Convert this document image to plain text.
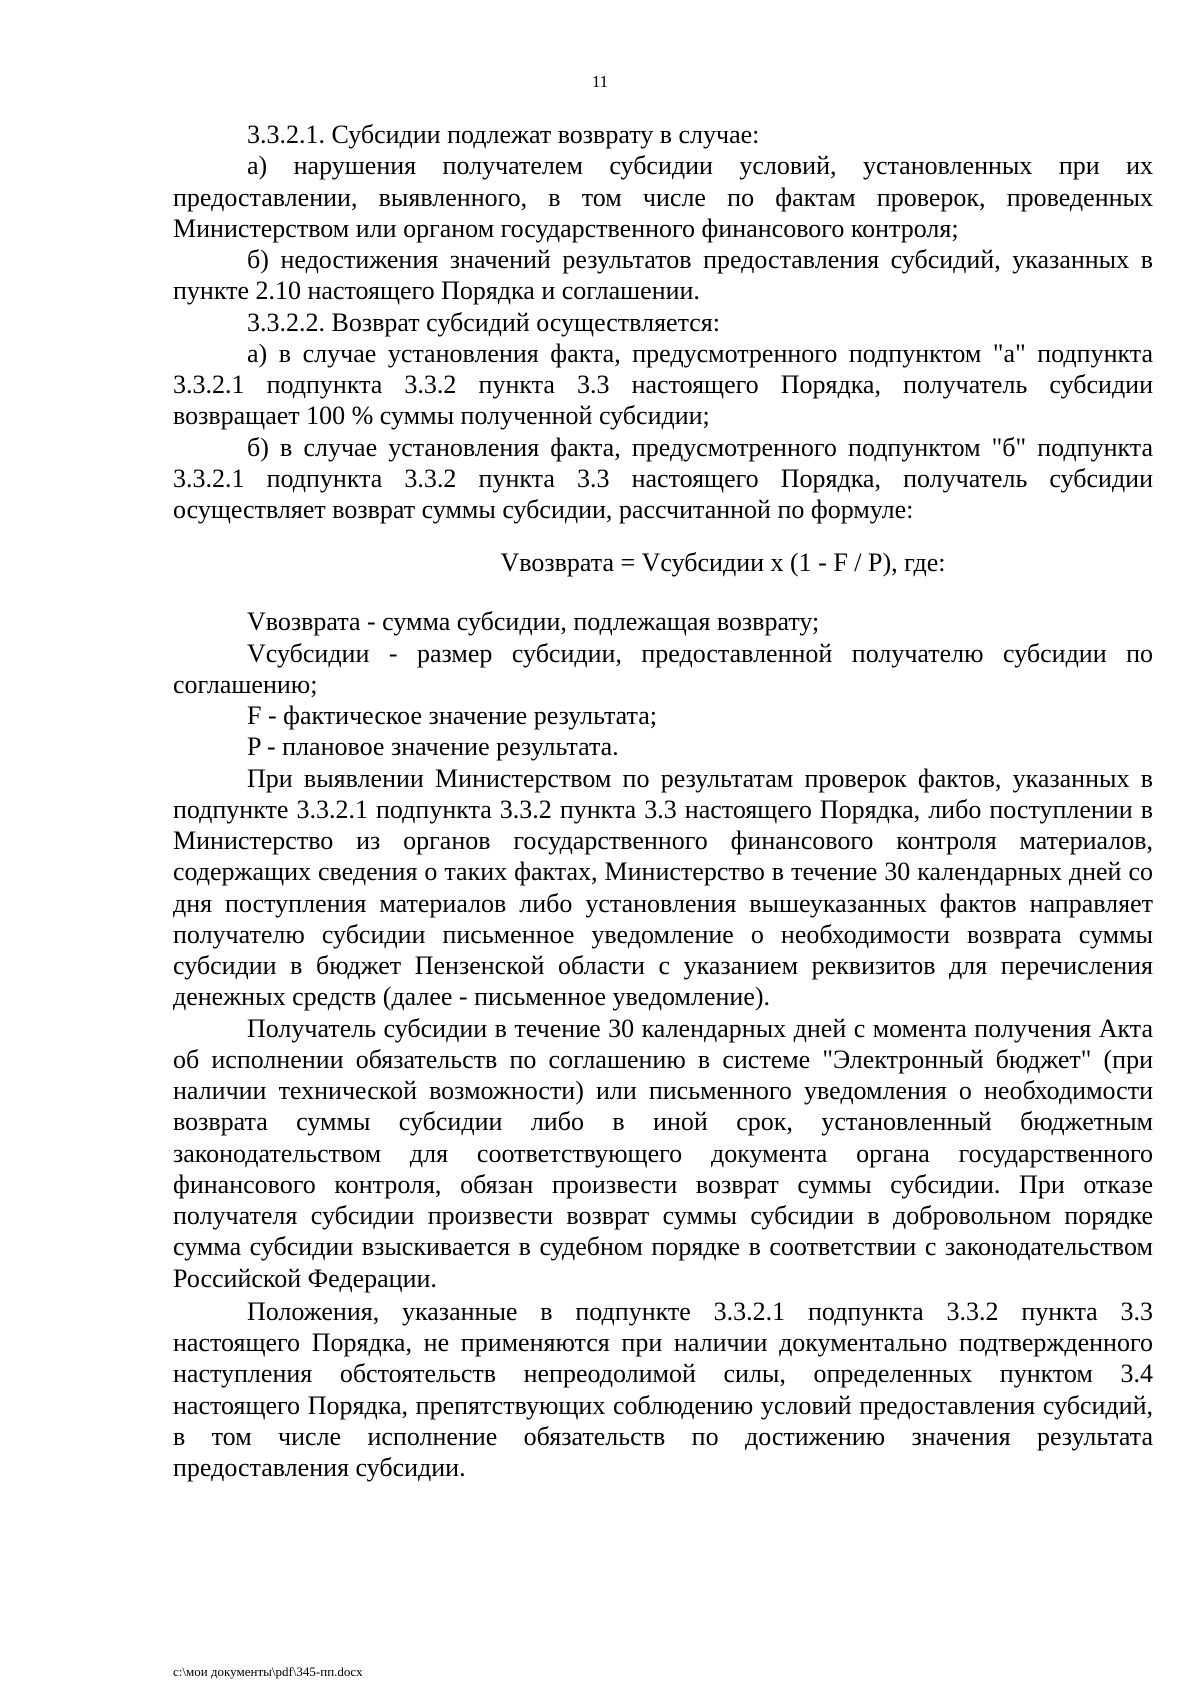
11

3.3.2.1. Субсидии подлежат возврату в случае:

а) нарушения получателем субсидии условий, установленных при их предоставлении, выявленного, в том числе по фактам проверок, проведенных Министерством или органом государственного финансового контроля;

б) недостижения значений результатов предоставления субсидий, указанных в пункте 2.10 настоящего Порядка и соглашении.

3.3.2.2. Возврат субсидий осуществляется:

а) в случае установления факта, предусмотренного подпунктом "а" подпункта 3.3.2.1 подпункта 3.3.2 пункта 3.3 настоящего Порядка, получатель субсидии возвращает 100 % суммы полученной субсидии;

б) в случае установления факта, предусмотренного подпунктом "б" подпункта 3.3.2.1 подпункта 3.3.2 пункта 3.3 настоящего Порядка, получатель субсидии осуществляет возврат суммы субсидии, рассчитанной по формуле:

Vвозврата = Vсубсидии x (1 - F / P), где:

Vвозврата - сумма субсидии, подлежащая возврату;

Vсубсидии - размер субсидии, предоставленной получателю субсидии по соглашению;

F - фактическое значение результата;

P - плановое значение результата.

При выявлении Министерством по результатам проверок фактов, указанных в подпункте 3.3.2.1 подпункта 3.3.2 пункта 3.3 настоящего Порядка, либо поступлении в Министерство из органов государственного финансового контроля материалов, содержащих сведения о таких фактах, Министерство в течение 30 календарных дней со дня поступления материалов либо установления вышеуказанных фактов направляет получателю субсидии письменное уведомление о необходимости возврата суммы субсидии в бюджет Пензенской области с указанием реквизитов для перечисления денежных средств (далее - письменное уведомление).

Получатель субсидии в течение 30 календарных дней с момента получения Акта об исполнении обязательств по соглашению в системе "Электронный бюджет" (при наличии технической возможности) или письменного уведомления о необходимости возврата суммы субсидии либо в иной срок, установленный бюджетным законодательством для соответствующего документа органа государственного финансового контроля, обязан произвести возврат суммы субсидии. При отказе получателя субсидии произвести возврат суммы субсидии в добровольном порядке сумма субсидии взыскивается в судебном порядке в соответствии с законодательством Российской Федерации.

Положения, указанные в подпункте 3.3.2.1 подпункта 3.3.2 пункта 3.3 настоящего Порядка, не применяются при наличии документально подтвержденного наступления обстоятельств непреодолимой силы, определенных пунктом 3.4 настоящего Порядка, препятствующих соблюдению условий предоставления субсидий, в том числе исполнение обязательств по достижению значения результата предоставления субсидии.

c:\мои документы\pdf\345-пп.docx
